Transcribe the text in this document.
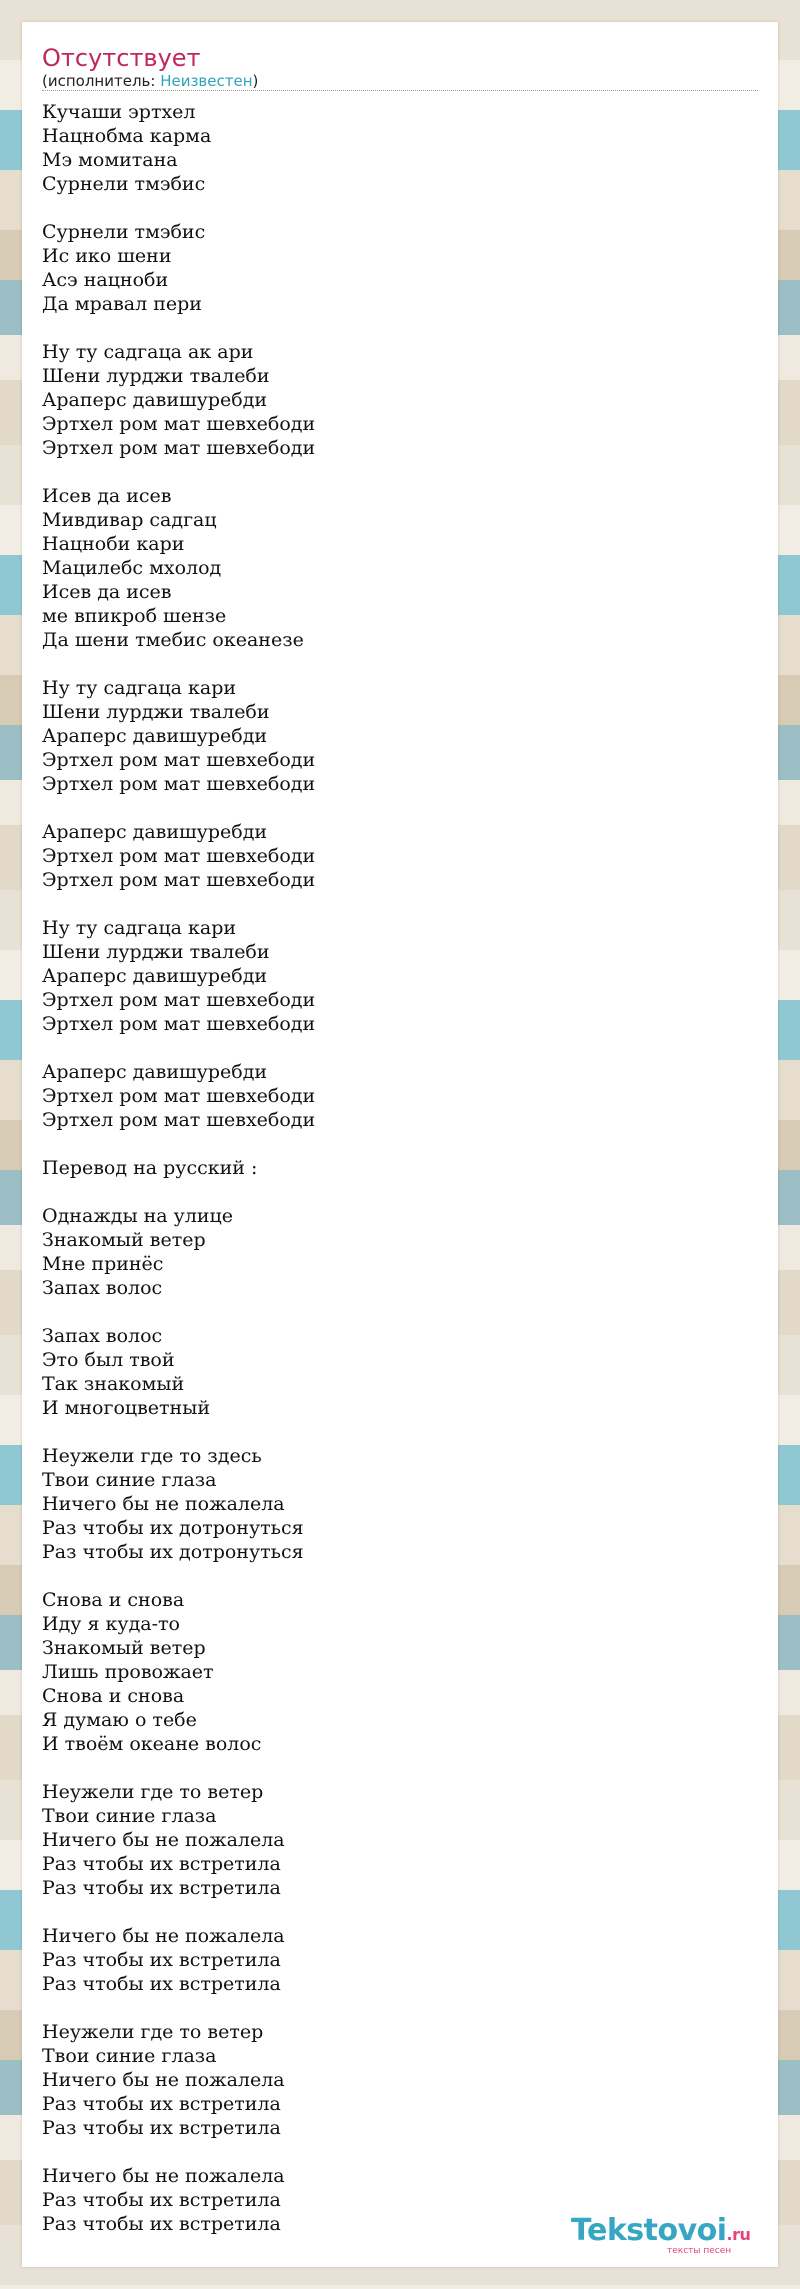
Отсутствует
(исполнитель: Неизвестен)
Кучаши эртхел
Нацнобма карма
Мэ момитана
Сурнели тмэбис
Сурнели тмэбис
Ис ико шени
Асэ нацноби
Да мравал пери
Ну ту садгаца ак ари
Шени лурджи твалеби
Араперс давишуребди
Эртхел ром мат шевхебоди
Эртхел ром мат шевхебоди
Исев да исев
Мивдивар садгац
Нацноби кари
Мацилебс мхолод
Исев да исев
ме впикроб шензе
Да шени тмебис океанезе
Ну ту садгаца кари
Шени лурджи твалеби
Араперс давишуребди
Эртхел ром мат шевхебоди
Эртхел ром мат шевхебоди
Араперс давишуребди
Эртхел ром мат шевхебоди
Эртхел ром мат шевхебоди
Ну ту садгаца кари
Шени лурджи твалеби
Араперс давишуребди
Эртхел ром мат шевхебоди
Эртхел ром мат шевхебоди
Араперс давишуребди
Эртхел ром мат шевхебоди
Эртхел ром мат шевхебоди
Перевод на русский :
Однажды на улице
Знакомый ветер
Мне принёс
Запах волос
Запах волос
Это был твой
Так знакомый
И многоцветный
Неужели где то здесь
Твои синие глаза
Ничего бы не пожалела
Раз чтобы их дотронуться
Раз чтобы их дотронуться
Снова и снова
Иду я куда-то
Знакомый ветер
Лишь провожает
Снова и снова
Я думаю о тебе
И твоём океане волос
Неужели где то ветер
Твои синие глаза
Ничего бы не пожалела
Раз чтобы их встретила
Раз чтобы их встретила
Ничего бы не пожалела
Раз чтобы их встретила
Раз чтобы их встретила
Неужели где то ветер
Твои синие глаза
Ничего бы не пожалела
Раз чтобы их встретила
Раз чтобы их встретила
Ничего бы не пожалела
Раз чтобы их встретила
Раз чтобы их встретила	Tekstovoi.ru
тексты песен
